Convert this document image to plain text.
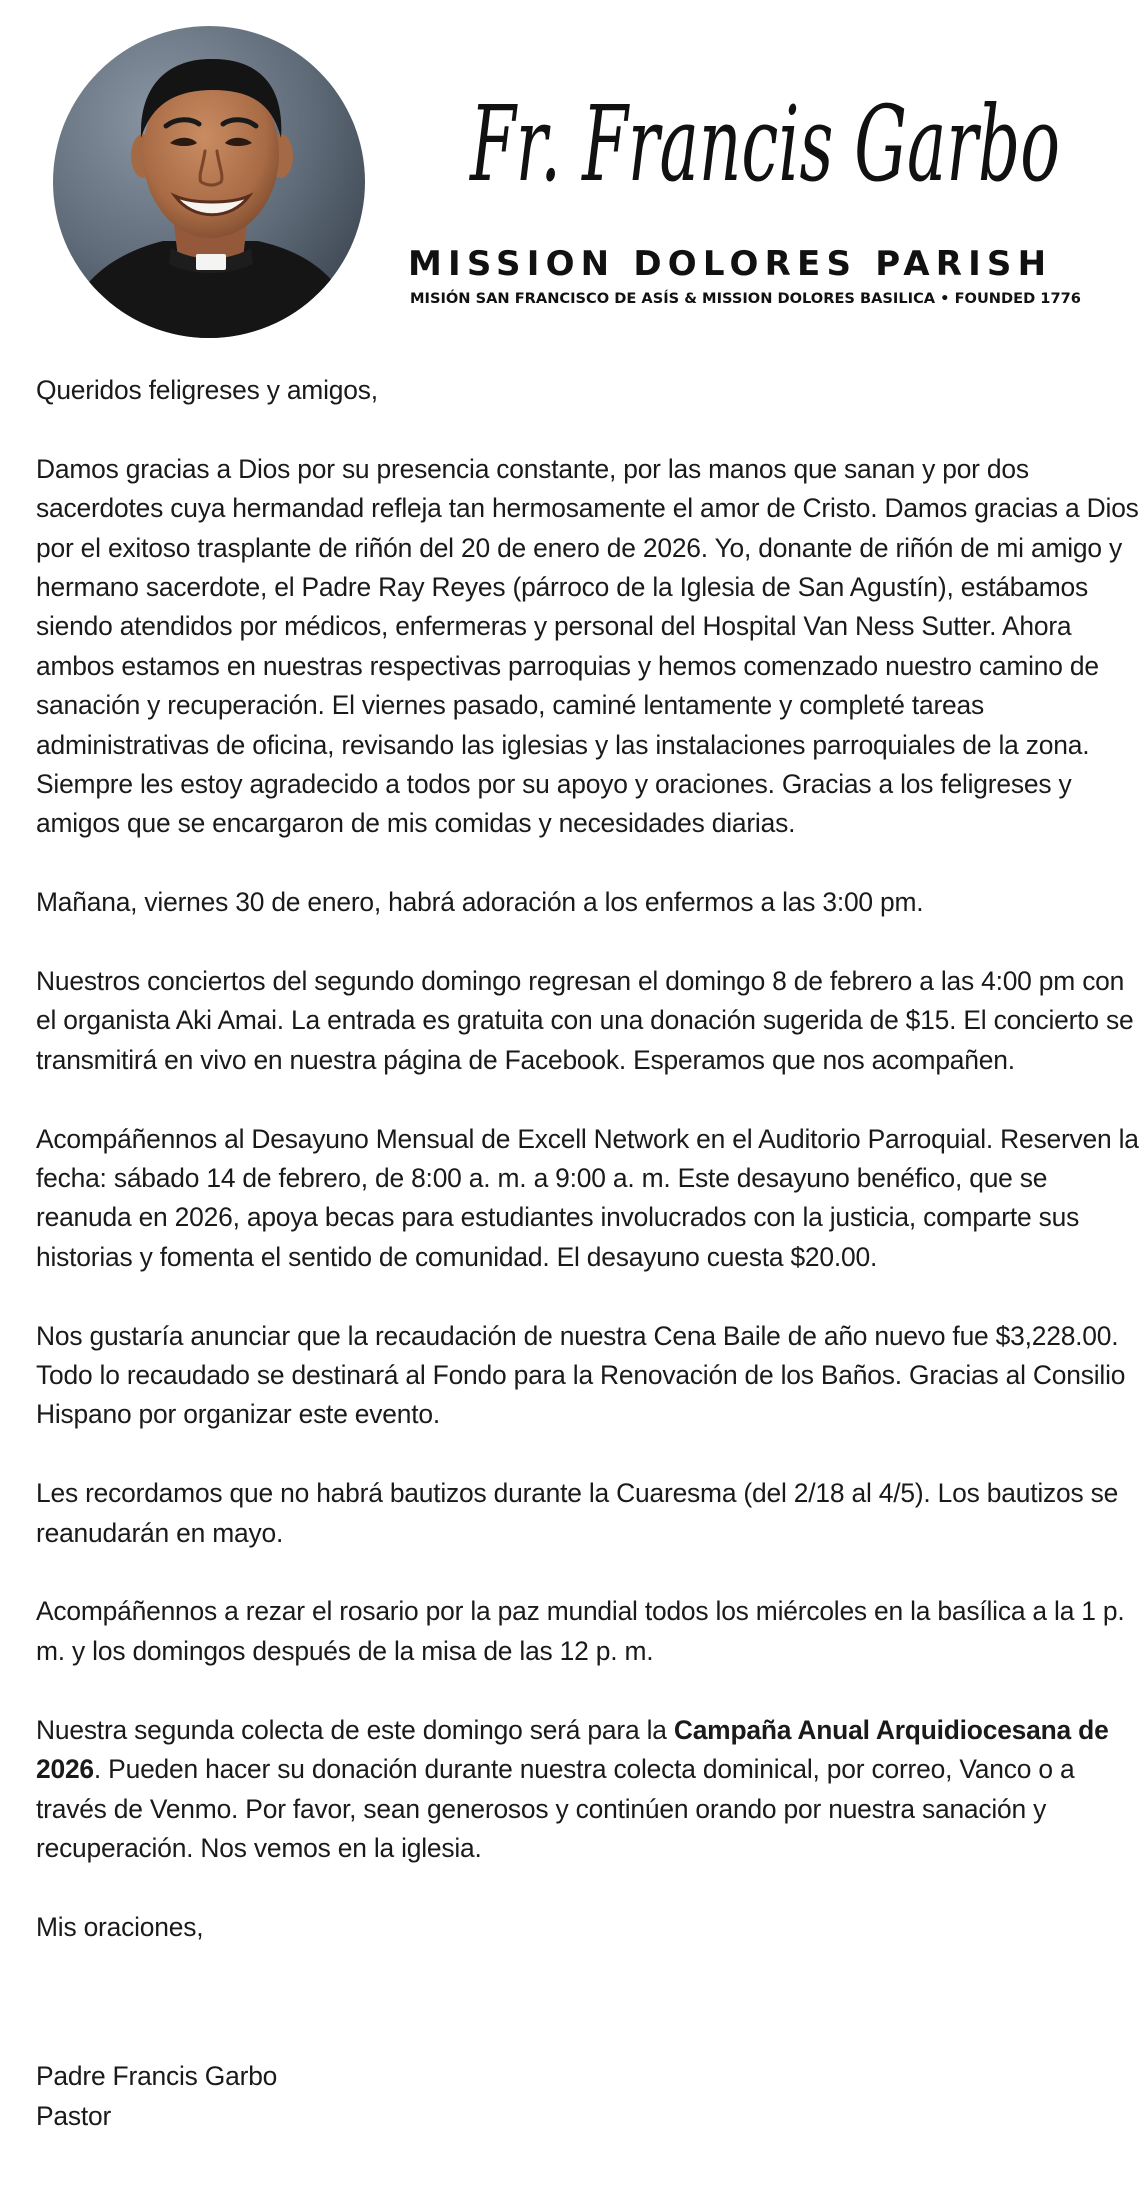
Fr. Francis Garbo
MISSION DOLORES PARISH
MISIÓN SAN FRANCISCO DE ASÍS & MISSION DOLORES BASILICA • FOUNDED 1776

Queridos feligreses y amigos,

Damos gracias a Dios por su presencia constante, por las manos que sanan y por dos sacerdotes cuya hermandad refleja tan hermosamente el amor de Cristo. Damos gracias a Dios por el exitoso trasplante de riñón del 20 de enero de 2026. Yo, donante de riñón de mi amigo y hermano sacerdote, el Padre Ray Reyes (párroco de la Iglesia de San Agustín), estábamos siendo atendidos por médicos, enfermeras y personal del Hospital Van Ness Sutter. Ahora ambos estamos en nuestras respectivas parroquias y hemos comenzado nuestro camino de sanación y recuperación. El viernes pasado, caminé lentamente y completé tareas administrativas de oficina, revisando las iglesias y las instalaciones parroquiales de la zona. Siempre les estoy agradecido a todos por su apoyo y oraciones. Gracias a los feligreses y amigos que se encargaron de mis comidas y necesidades diarias.

Mañana, viernes 30 de enero, habrá adoración a los enfermos a las 3:00 pm.

Nuestros conciertos del segundo domingo regresan el domingo 8 de febrero a las 4:00 pm con el organista Aki Amai. La entrada es gratuita con una donación sugerida de $15. El concierto se transmitirá en vivo en nuestra página de Facebook. Esperamos que nos acompañen.

Acompáñennos al Desayuno Mensual de Excell Network en el Auditorio Parroquial. Reserven la fecha: sábado 14 de febrero, de 8:00 a. m. a 9:00 a. m. Este desayuno benéfico, que se reanuda en 2026, apoya becas para estudiantes involucrados con la justicia, comparte sus historias y fomenta el sentido de comunidad. El desayuno cuesta $20.00.

Nos gustaría anunciar que la recaudación de nuestra Cena Baile de año nuevo fue $3,228.00. Todo lo recaudado se destinará al Fondo para la Renovación de los Baños. Gracias al Consilio Hispano por organizar este evento.

Les recordamos que no habrá bautizos durante la Cuaresma (del 2/18 al 4/5). Los bautizos se reanudarán en mayo.

Acompáñennos a rezar el rosario por la paz mundial todos los miércoles en la basílica a la 1 p. m. y los domingos después de la misa de las 12 p. m.

Nuestra segunda colecta de este domingo será para la Campaña Anual Arquidiocesana de 2026. Pueden hacer su donación durante nuestra colecta dominical, por correo, Vanco o a través de Venmo. Por favor, sean generosos y continúen orando por nuestra sanación y recuperación. Nos vemos en la iglesia.

Mis oraciones,

Padre Francis Garbo

Pastor
